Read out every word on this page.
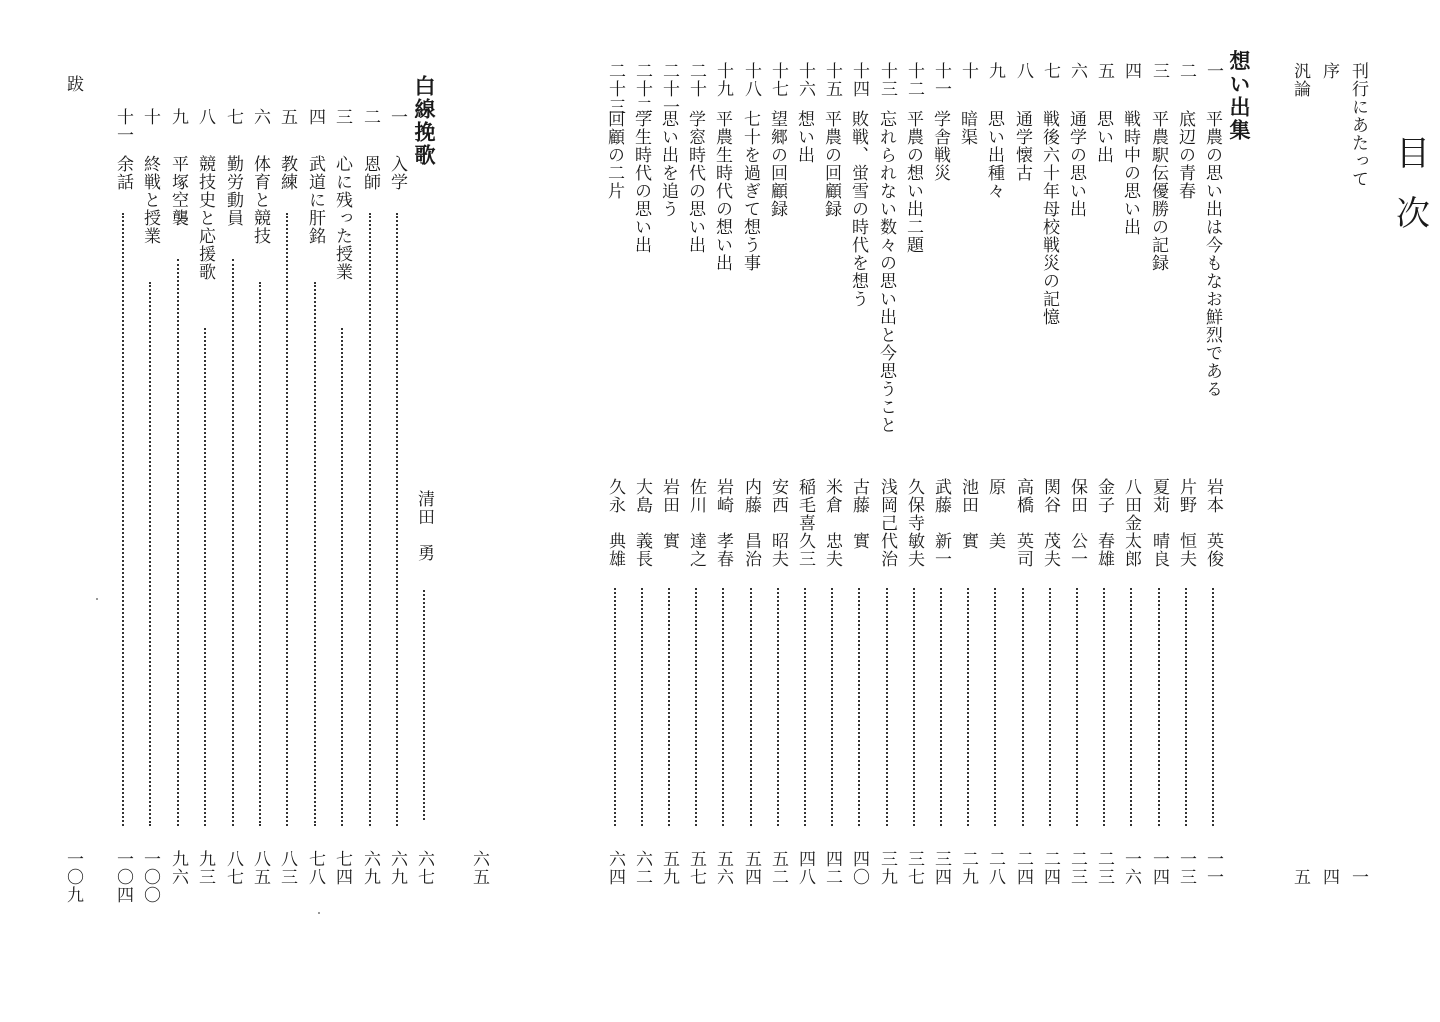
目
次
刊行にあたって
序
汎論
一
四
五
想い出集
一
平農の思い出は今もなお鮮烈である
岩本　英俊
一一
二
底辺の青春
片野　恒夫
一三
三
平農駅伝優勝の記録
夏苅　晴良
一四
四
戦時中の思い出
八田金太郎
一六
五
思い出
金子　春雄
二三
六
通学の思い出
保田　公一
二三
七
戦後六十年母校戦災の記憶
関谷　茂夫
二四
八
通学懐古
高橋　英司
二四
九
思い出種々
原　　美
二八
十
暗渠
池田　實
二九
十一
学舎戦災
武藤　新一
三四
十二
平農の想い出二題
久保寺敏夫
三七
十三
忘れられない数々の思い出と今思うこと
浅岡己代治
三九
十四
敗戦、蛍雪の時代を想う
古藤　實
四〇
十五
平農の回顧録
米倉　忠夫
四二
十六
想い出
稲毛喜久三
四八
十七
望郷の回顧録
安西　昭夫
五二
十八
七十を過ぎて想う事
内藤　昌治
五四
十九
平農生時代の想い出
岩崎　孝春
五六
二十
学窓時代の思い出
佐川　達之
五七
二十一
思い出を追う
岩田　實
五九
二十二
学生時代の思い出
大島　義長
六二
二十三
回顧の二片
久永　典雄
六四
六五
白線挽歌
清田　勇
六七
一
入学
六九
二
恩師
六九
三
心に残った授業
七四
四
武道に肝銘
七八
五
教練
八三
六
体育と競技
八五
七
勤労動員
八七
八
競技史と応援歌
九三
九
平塚空襲
九六
十
終戦と授業
一〇〇
十一
余話
一〇四
跋
一〇九
